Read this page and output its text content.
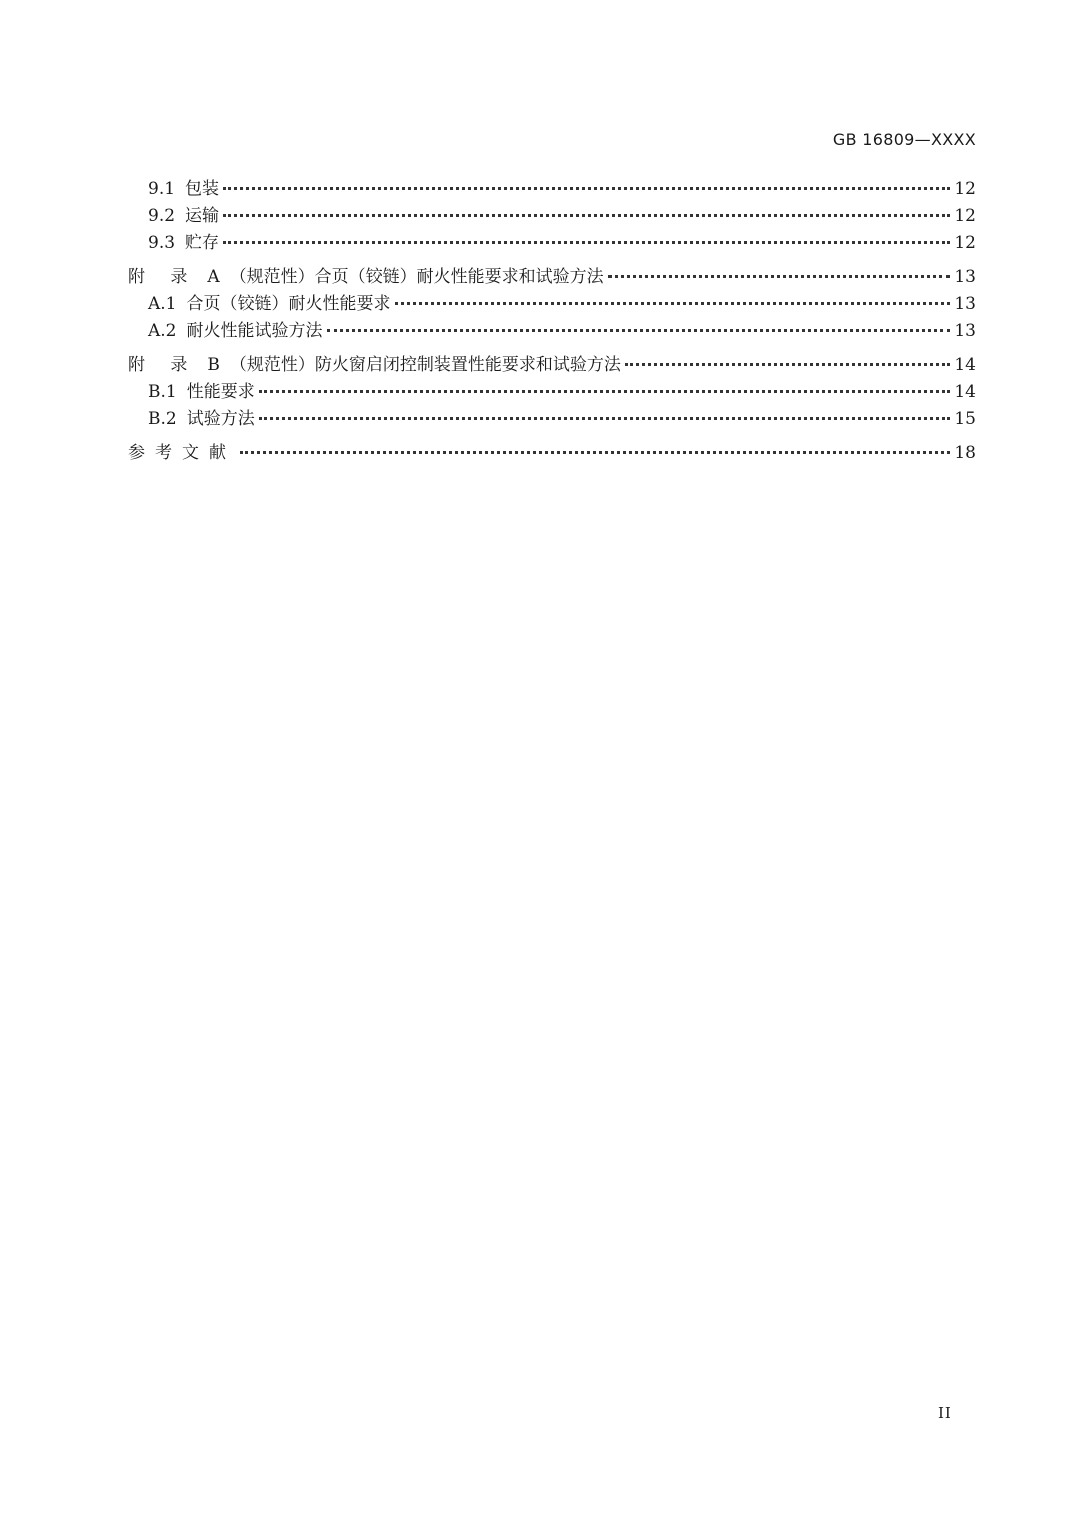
GB 16809—XXXX
9.1 包装	12
9.2 运输	12
9.3 贮存	12
附 录 A （规范性）合页（铰链）耐火性能要求和试验方法	13
A.1 合页（铰链）耐火性能要求	13
A.2 耐火性能试验方法	13
附 录 B （规范性）防火窗启闭控制装置性能要求和试验方法	14
B.1 性能要求	14
B.2 试验方法	15
参考文献	18
II
